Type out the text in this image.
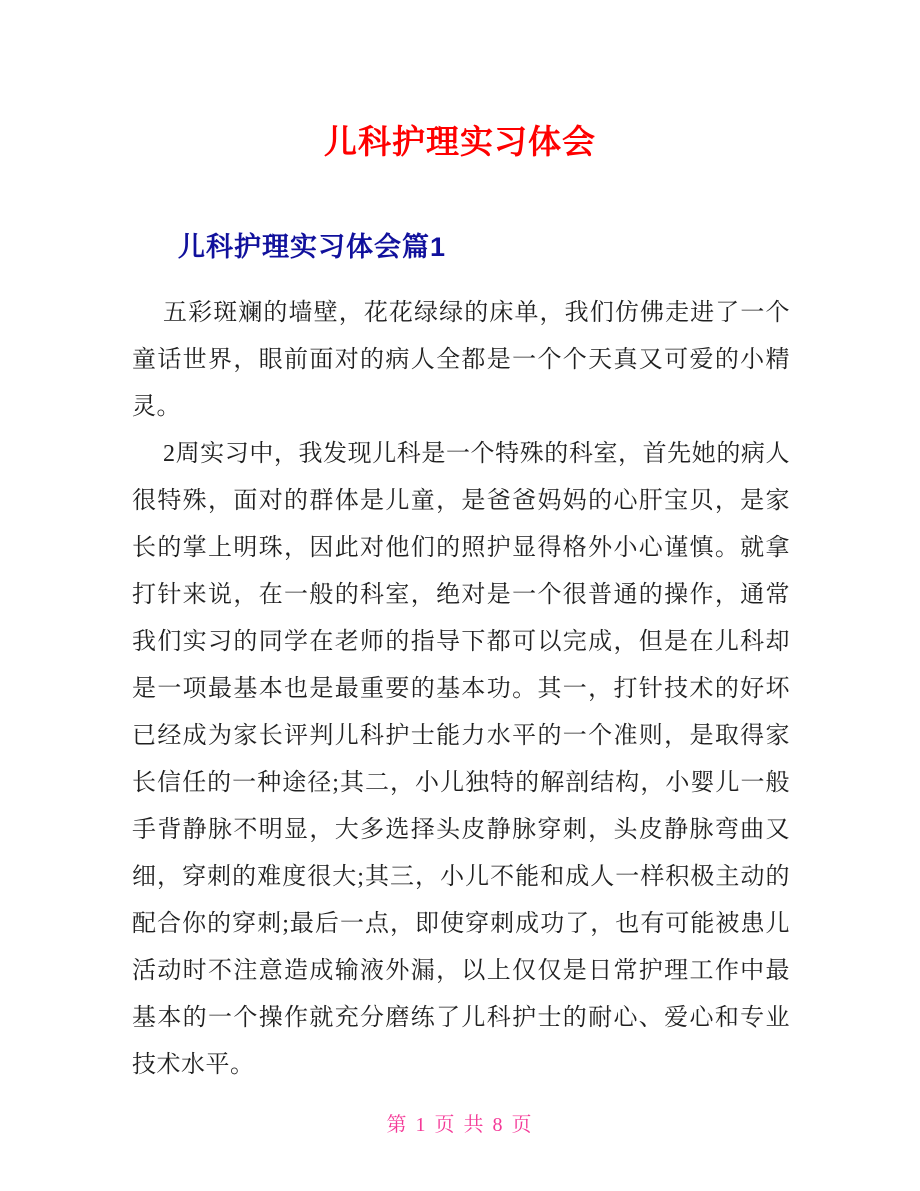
儿科护理实习体会
儿科护理实习体会篇1

五彩斑斓的墙壁，花花绿绿的床单，我们仿佛走进了一个童话世界，眼前面对的病人全都是一个个天真又可爱的小精灵。

2周实习中，我发现儿科是一个特殊的科室，首先她的病人很特殊，面对的群体是儿童，是爸爸妈妈的心肝宝贝，是家长的掌上明珠，因此对他们的照护显得格外小心谨慎。就拿打针来说，在一般的科室，绝对是一个很普通的操作，通常我们实习的同学在老师的指导下都可以完成，但是在儿科却是一项最基本也是最重要的基本功。其一，打针技术的好坏已经成为家长评判儿科护士能力水平的一个准则，是取得家长信任的一种途径;其二，小儿独特的解剖结构，小婴儿一般手背静脉不明显，大多选择头皮静脉穿刺，头皮静脉弯曲又细，穿刺的难度很大;其三，小儿不能和成人一样积极主动的配合你的穿刺;最后一点，即使穿刺成功了，也有可能被患儿活动时不注意造成输液外漏，以上仅仅是日常护理工作中最基本的一个操作就充分磨练了儿科护士的耐心、爱心和专业技术水平。

第 1 页 共 8 页
